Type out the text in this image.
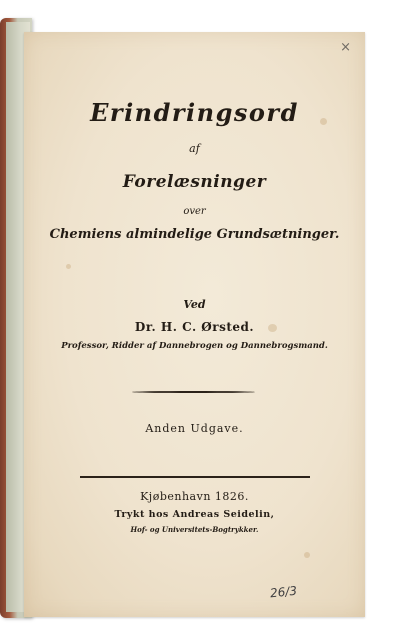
×
Erindringsord
af
Forelæsninger
over
Chemiens almindelige Grundsætninger.
Ved
Dr. H. C. Ørsted.
Professor, Ridder af Dannebrogen og Dannebrogsmand.
Anden Udgave.
Kjøbenhavn 1826.
Trykt hos Andreas Seidelin,
Hof- og Universitets-Bogtrykker.
26/3
